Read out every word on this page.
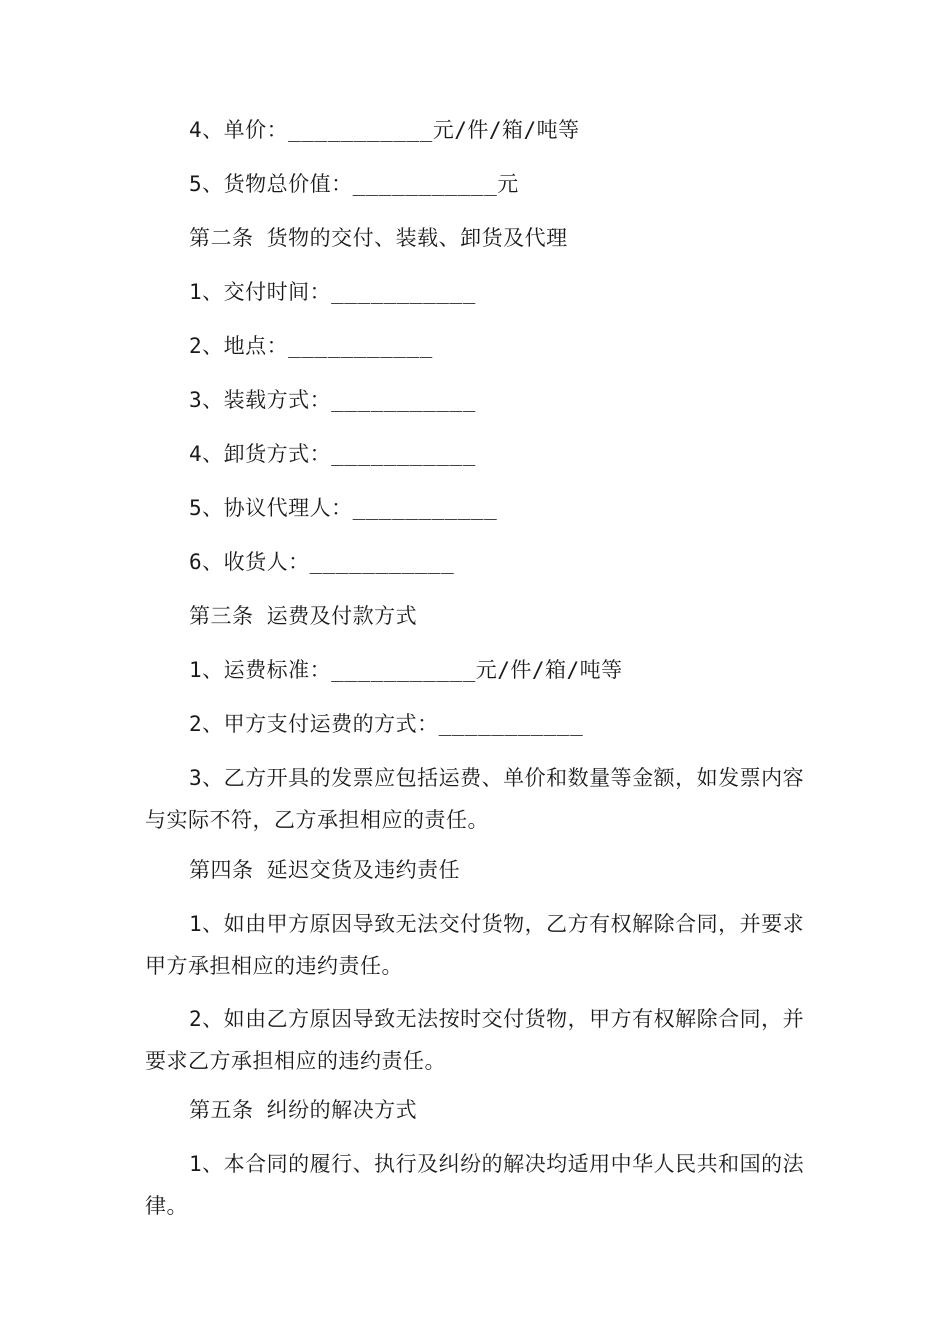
4、单价：___________元/件/箱/吨等
5、货物总价值：___________元
第二条 货物的交付、装载、卸货及代理
1、交付时间：___________
2、地点：___________
3、装载方式：___________
4、卸货方式：___________
5、协议代理人：___________
6、收货人：___________
第三条 运费及付款方式
1、运费标准：___________元/件/箱/吨等
2、甲方支付运费的方式：___________
3、乙方开具的发票应包括运费、单价和数量等金额，如发票内容与实际不符，乙方承担相应的责任。
第四条 延迟交货及违约责任
1、如由甲方原因导致无法交付货物，乙方有权解除合同，并要求甲方承担相应的违约责任。
2、如由乙方原因导致无法按时交付货物，甲方有权解除合同，并要求乙方承担相应的违约责任。
第五条 纠纷的解决方式
1、本合同的履行、执行及纠纷的解决均适用中华人民共和国的法律。
